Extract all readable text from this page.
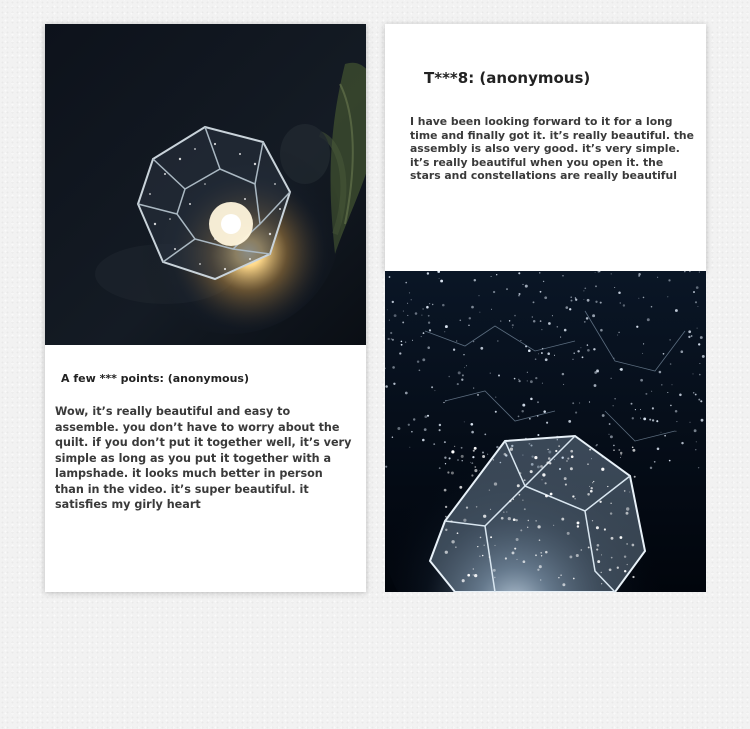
A few *** points: (anonymous)
Wow, it’s really beautiful and easy to assemble. you don’t have to worry about the quilt. if you don’t put it together well, it’s very simple as long as you put it together with a lampshade. it looks much better in person than in the video. it’s super beautiful. it satisfies my girly heart
T***8: (anonymous)
I have been looking forward to it for a long time and finally got it. it’s really beautiful. the assembly is also very good. it’s very simple. it’s really beautiful when you open it. the stars and constellations are really beautiful
